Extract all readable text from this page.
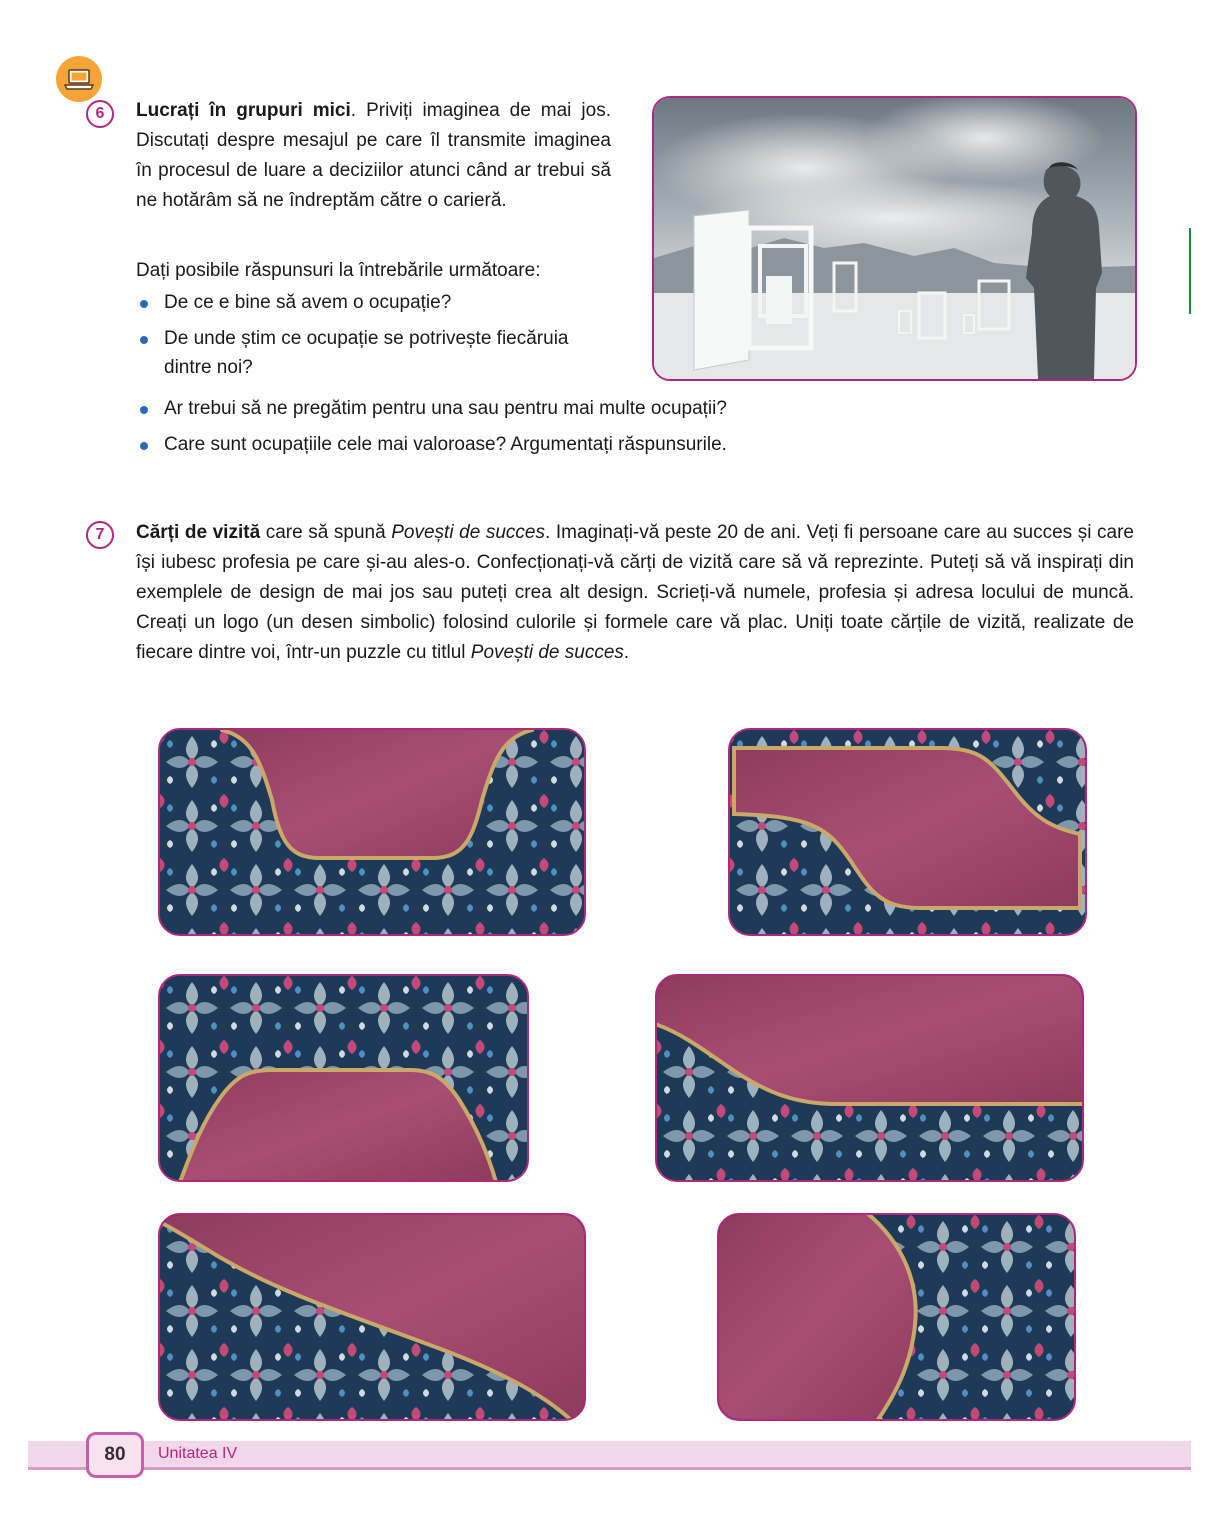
6	Lucrați în grupuri mici. Priviți imaginea de mai jos. Discutați despre mesajul pe care îl transmite imaginea în procesul de luare a deciziilor atunci când ar trebui să ne hotărâm să ne îndreptăm către o carieră.
Dați posibile răspunsuri la întrebările următoare:
De ce e bine să avem o ocupație?
De unde știm ce ocupație se potrivește fiecăruia dintre noi?
Ar trebui să ne pregătim pentru una sau pentru mai multe ocupații?
Care sunt ocupațiile cele mai valoroase? Argumentați răspunsurile.
7	Cărți de vizită care să spună Povești de succes. Imaginați-vă peste 20 de ani. Veți fi persoane care au succes și care își iubesc profesia pe care și-au ales-o. Confecționați-vă cărți de vizită care să vă reprezinte. Puteți să vă inspirați din exemplele de design de mai jos sau puteți crea alt design. Scrieți-vă numele, profesia și adresa locului de muncă. Creați un logo (un desen simbolic) folosind culorile și formele care vă plac. Uniți toate cărțile de vizită, realizate de fiecare dintre voi, într-un puzzle cu titlul Povești de succes.
80	Unitatea IV
